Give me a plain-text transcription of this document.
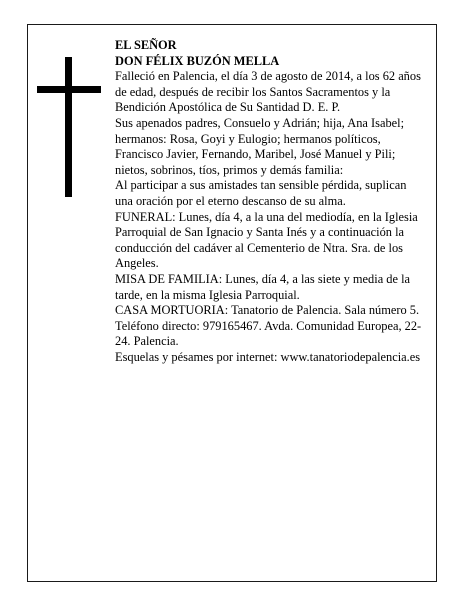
EL SEÑOR

DON FÉLIX BUZÓN MELLA

Falleció en Palencia, el día 3 de agosto de 2014, a los 62 años de edad, después de recibir los Santos Sacramentos y la Bendición Apostólica de Su Santidad D. E. P.

Sus apenados padres, Consuelo y Adrián; hija, Ana Isabel; hermanos: Rosa, Goyi y Eulogio; hermanos políticos, Francisco Javier, Fernando, Maribel, José Manuel y Pili; nietos, sobrinos, tíos, primos y demás familia:

Al participar a sus amistades tan sensible pérdida, suplican una oración por el eterno descanso de su alma.

FUNERAL: Lunes, día 4, a la una del mediodía, en la Iglesia Parroquial de San Ignacio y Santa Inés y a continuación la conducción del cadáver al Cementerio de Ntra. Sra. de los Angeles.

MISA DE FAMILIA: Lunes, día 4, a las siete y media de la tarde, en la misma Iglesia Parroquial.

CASA MORTUORIA: Tanatorio de Palencia. Sala número 5. Teléfono directo: 979165467. Avda. Comunidad Europea, 22-24. Palencia.

Esquelas y pésames por internet: www.tanatoriodepalencia.es
